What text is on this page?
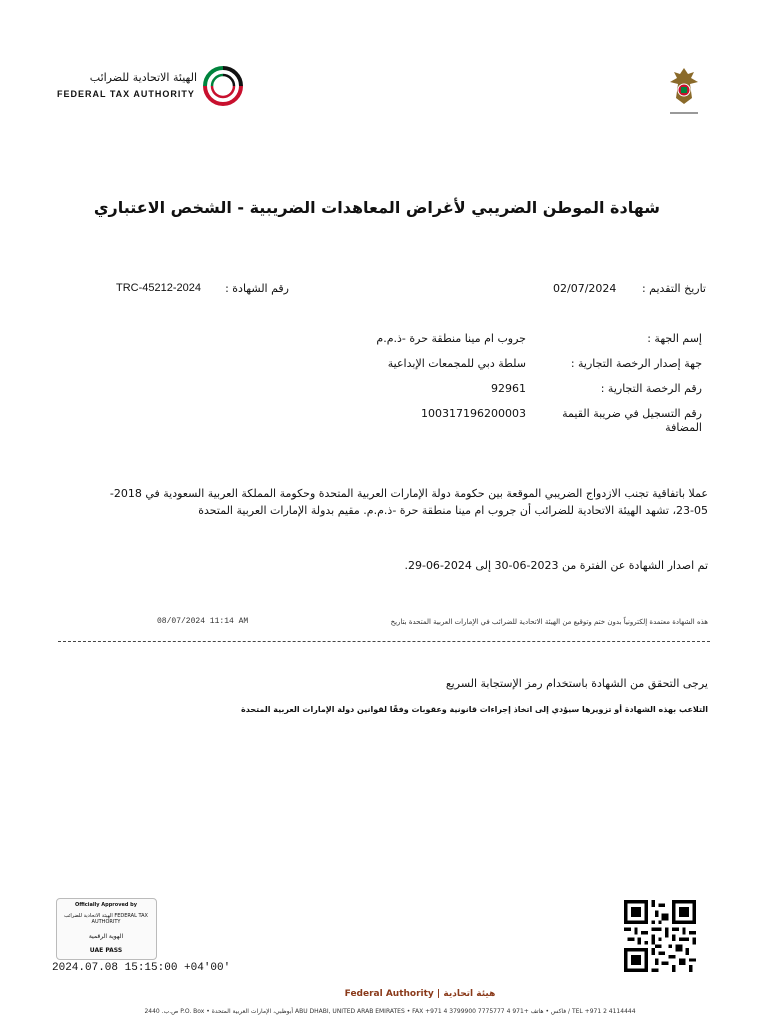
الهيئة الاتحادية للضرائب
FEDERAL TAX AUTHORITY
شهادة الموطن الضريبي لأغراض المعاهدات الضريبية - الشخص الاعتباري
تاريخ التقديم :
02/07/2024
رقم الشهادة :
TRC-45212-2024
إسم الجهة :
جروب ام مينا منطقة حرة -ذ.م.م
جهة إصدار الرخصة التجارية :
سلطة دبي للمجمعات الإبداعية
رقم الرخصة التجارية :
92961
رقم التسجيل في ضريبة القيمة المضافة
100317196200003
عملا باتفاقية تجنب الازدواج الضريبي الموقعة بين حكومة دولة الإمارات العربية المتحدة وحكومة المملكة العربية السعودية في 2018-05-23، تشهد الهيئة الاتحادية للضرائب أن جروب ام مينا منطقة حرة -ذ.م.م. مقيم بدولة الإمارات العربية المتحدة
تم اصدار الشهادة عن الفترة من 2023-06-30 إلى 2024-06-29.
هذه الشهادة معتمدة إلكترونياً بدون ختم وتوقيع من الهيئة الاتحادية للضرائب في الإمارات العربية المتحدة بتاريخ
08/07/2024 11:14 AM
يرجى التحقق من الشهادة باستخدام رمز الإستجابة السريع
التلاعب بهذه الشهادة أو تزويرها سيؤدي إلى اتخاذ إجراءات قانونية وعقوبات وفقًا لقوانين دولة الإمارات العربية المتحدة
Officially Approved by
الهيئة الاتحادية للضرائب FEDERAL TAX AUTHORITY
الهوية الرقمية
UAE PASS
2024.07.08 15:15:00 +04'00'
Federal Authority | هيئة اتحادية
ص.ب. 2440 P.O. Box • أبوظبي، الإمارات العربية المتحدة ABU DHABI, UNITED ARAB EMIRATES • FAX +971 4 3799900 فاكس • هاتف +971 4 7775777 / TEL +971 2 4114444
